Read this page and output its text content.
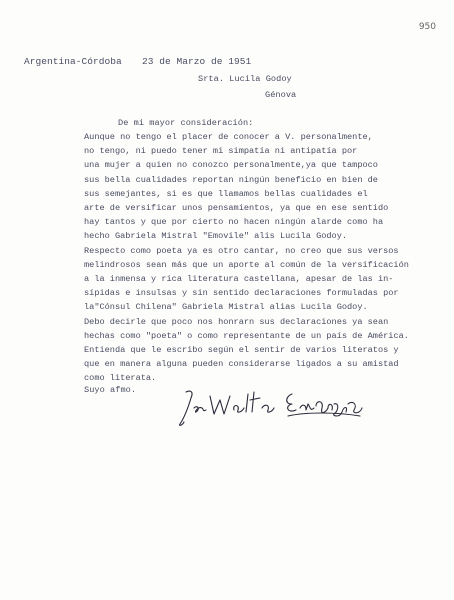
950
Argentina-Córdoba 23 de Marzo de 1951
Srta. Lucila Godoy
Génova
De mi mayor consideración:
Aunque no tengo el placer de conocer a V. personalmente,
no tengo, ni puedo tener mi simpatía ni antipatía por
una mujer a quien no conozco personalmente,ya que tampoco
sus bella cualidades reportan ningún beneficio en bien de
sus semejantes, si es que llamamos bellas cualidades el
arte de versificar unos pensamientos, ya que en ese sentido
hay tantos y que por cierto no hacen ningún alarde como ha
hecho Gabriela Mistral "Emovile" alis Lucila Godoy.
Respecto como poeta ya es otro cantar, no creo que sus versos
melindrosos sean más que un aporte al común de la versificación
a la inmensa y rica literatura castellana, apesar de las in-
sípidas e insulsas y sin sentido declaraciones formuladas por
la"Cónsul Chilena" Gabriela Mistral alias Lucila Godoy.
Debo decirle que poco nos honrarn sus declaraciones ya sean
hechas como "poeta" o como representante de un país de América.
Entienda que le escribo según el sentir de varios literatos y
que en manera alguna pueden considerarse ligados a su amistad
como literata.
Suyo afmo.
